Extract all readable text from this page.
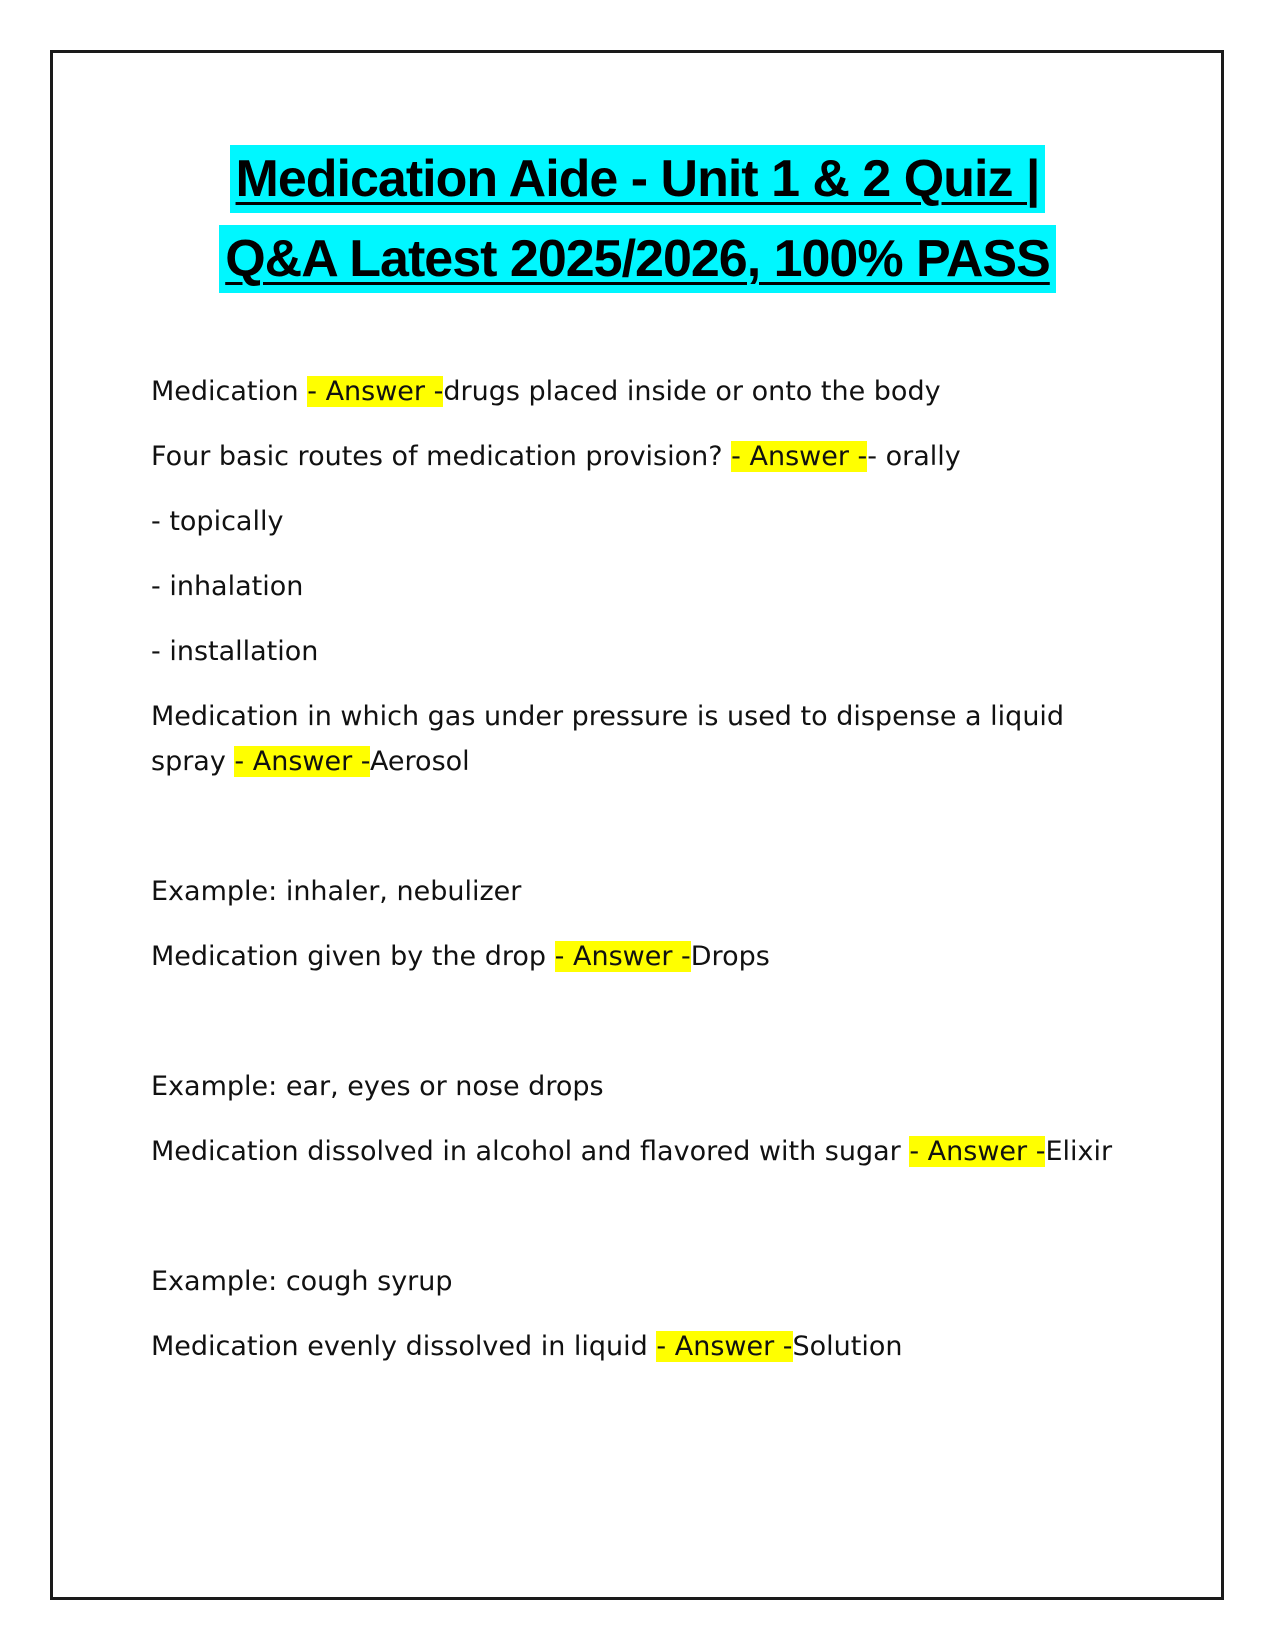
Medication Aide - Unit 1 & 2 Quiz |
Q&A Latest 2025/2026, 100% PASS
Medication - Answer -drugs placed inside or onto the body
Four basic routes of medication provision? - Answer -- orally
- topically
- inhalation
- installation
Medication in which gas under pressure is used to dispense a liquid
spray - Answer -Aerosol
Example: inhaler, nebulizer
Medication given by the drop - Answer -Drops
Example: ear, eyes or nose drops
Medication dissolved in alcohol and flavored with sugar - Answer -Elixir
Example: cough syrup
Medication evenly dissolved in liquid - Answer -Solution
